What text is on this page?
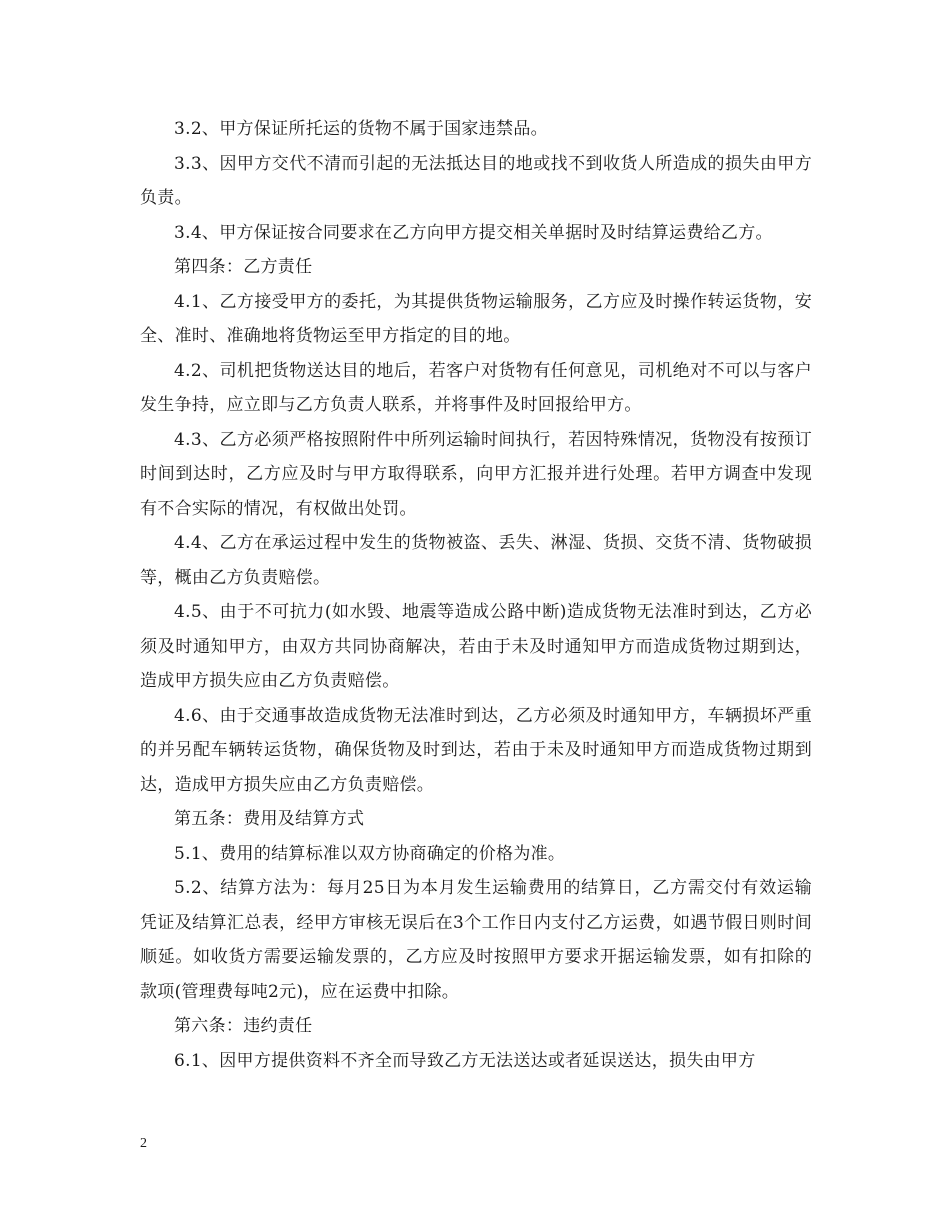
3.2、甲方保证所托运的货物不属于国家违禁品。

3.3、因甲方交代不清而引起的无法抵达目的地或找不到收货人所造成的损失由甲方负责。

3.4、甲方保证按合同要求在乙方向甲方提交相关单据时及时结算运费给乙方。

第四条：乙方责任

4.1、乙方接受甲方的委托，为其提供货物运输服务，乙方应及时操作转运货物，安全、准时、准确地将货物运至甲方指定的目的地。

4.2、司机把货物送达目的地后，若客户对货物有任何意见，司机绝对不可以与客户发生争持，应立即与乙方负责人联系，并将事件及时回报给甲方。

4.3、乙方必须严格按照附件中所列运输时间执行，若因特殊情况，货物没有按预订时间到达时，乙方应及时与甲方取得联系，向甲方汇报并进行处理。若甲方调查中发现有不合实际的情况，有权做出处罚。

4.4、乙方在承运过程中发生的货物被盗、丢失、淋湿、货损、交货不清、货物破损等，概由乙方负责赔偿。

4.5、由于不可抗力(如水毁、地震等造成公路中断)造成货物无法准时到达，乙方必须及时通知甲方，由双方共同协商解决，若由于未及时通知甲方而造成货物过期到达，造成甲方损失应由乙方负责赔偿。

4.6、由于交通事故造成货物无法准时到达，乙方必须及时通知甲方，车辆损坏严重的并另配车辆转运货物，确保货物及时到达，若由于未及时通知甲方而造成货物过期到达，造成甲方损失应由乙方负责赔偿。

第五条：费用及结算方式

5.1、费用的结算标准以双方协商确定的价格为准。

5.2、结算方法为：每月25日为本月发生运输费用的结算日，乙方需交付有效运输凭证及结算汇总表，经甲方审核无误后在3个工作日内支付乙方运费，如遇节假日则时间顺延。如收货方需要运输发票的，乙方应及时按照甲方要求开据运输发票，如有扣除的款项(管理费每吨2元)，应在运费中扣除。

第六条：违约责任

6.1、因甲方提供资料不齐全而导致乙方无法送达或者延误送达，损失由甲方

2
